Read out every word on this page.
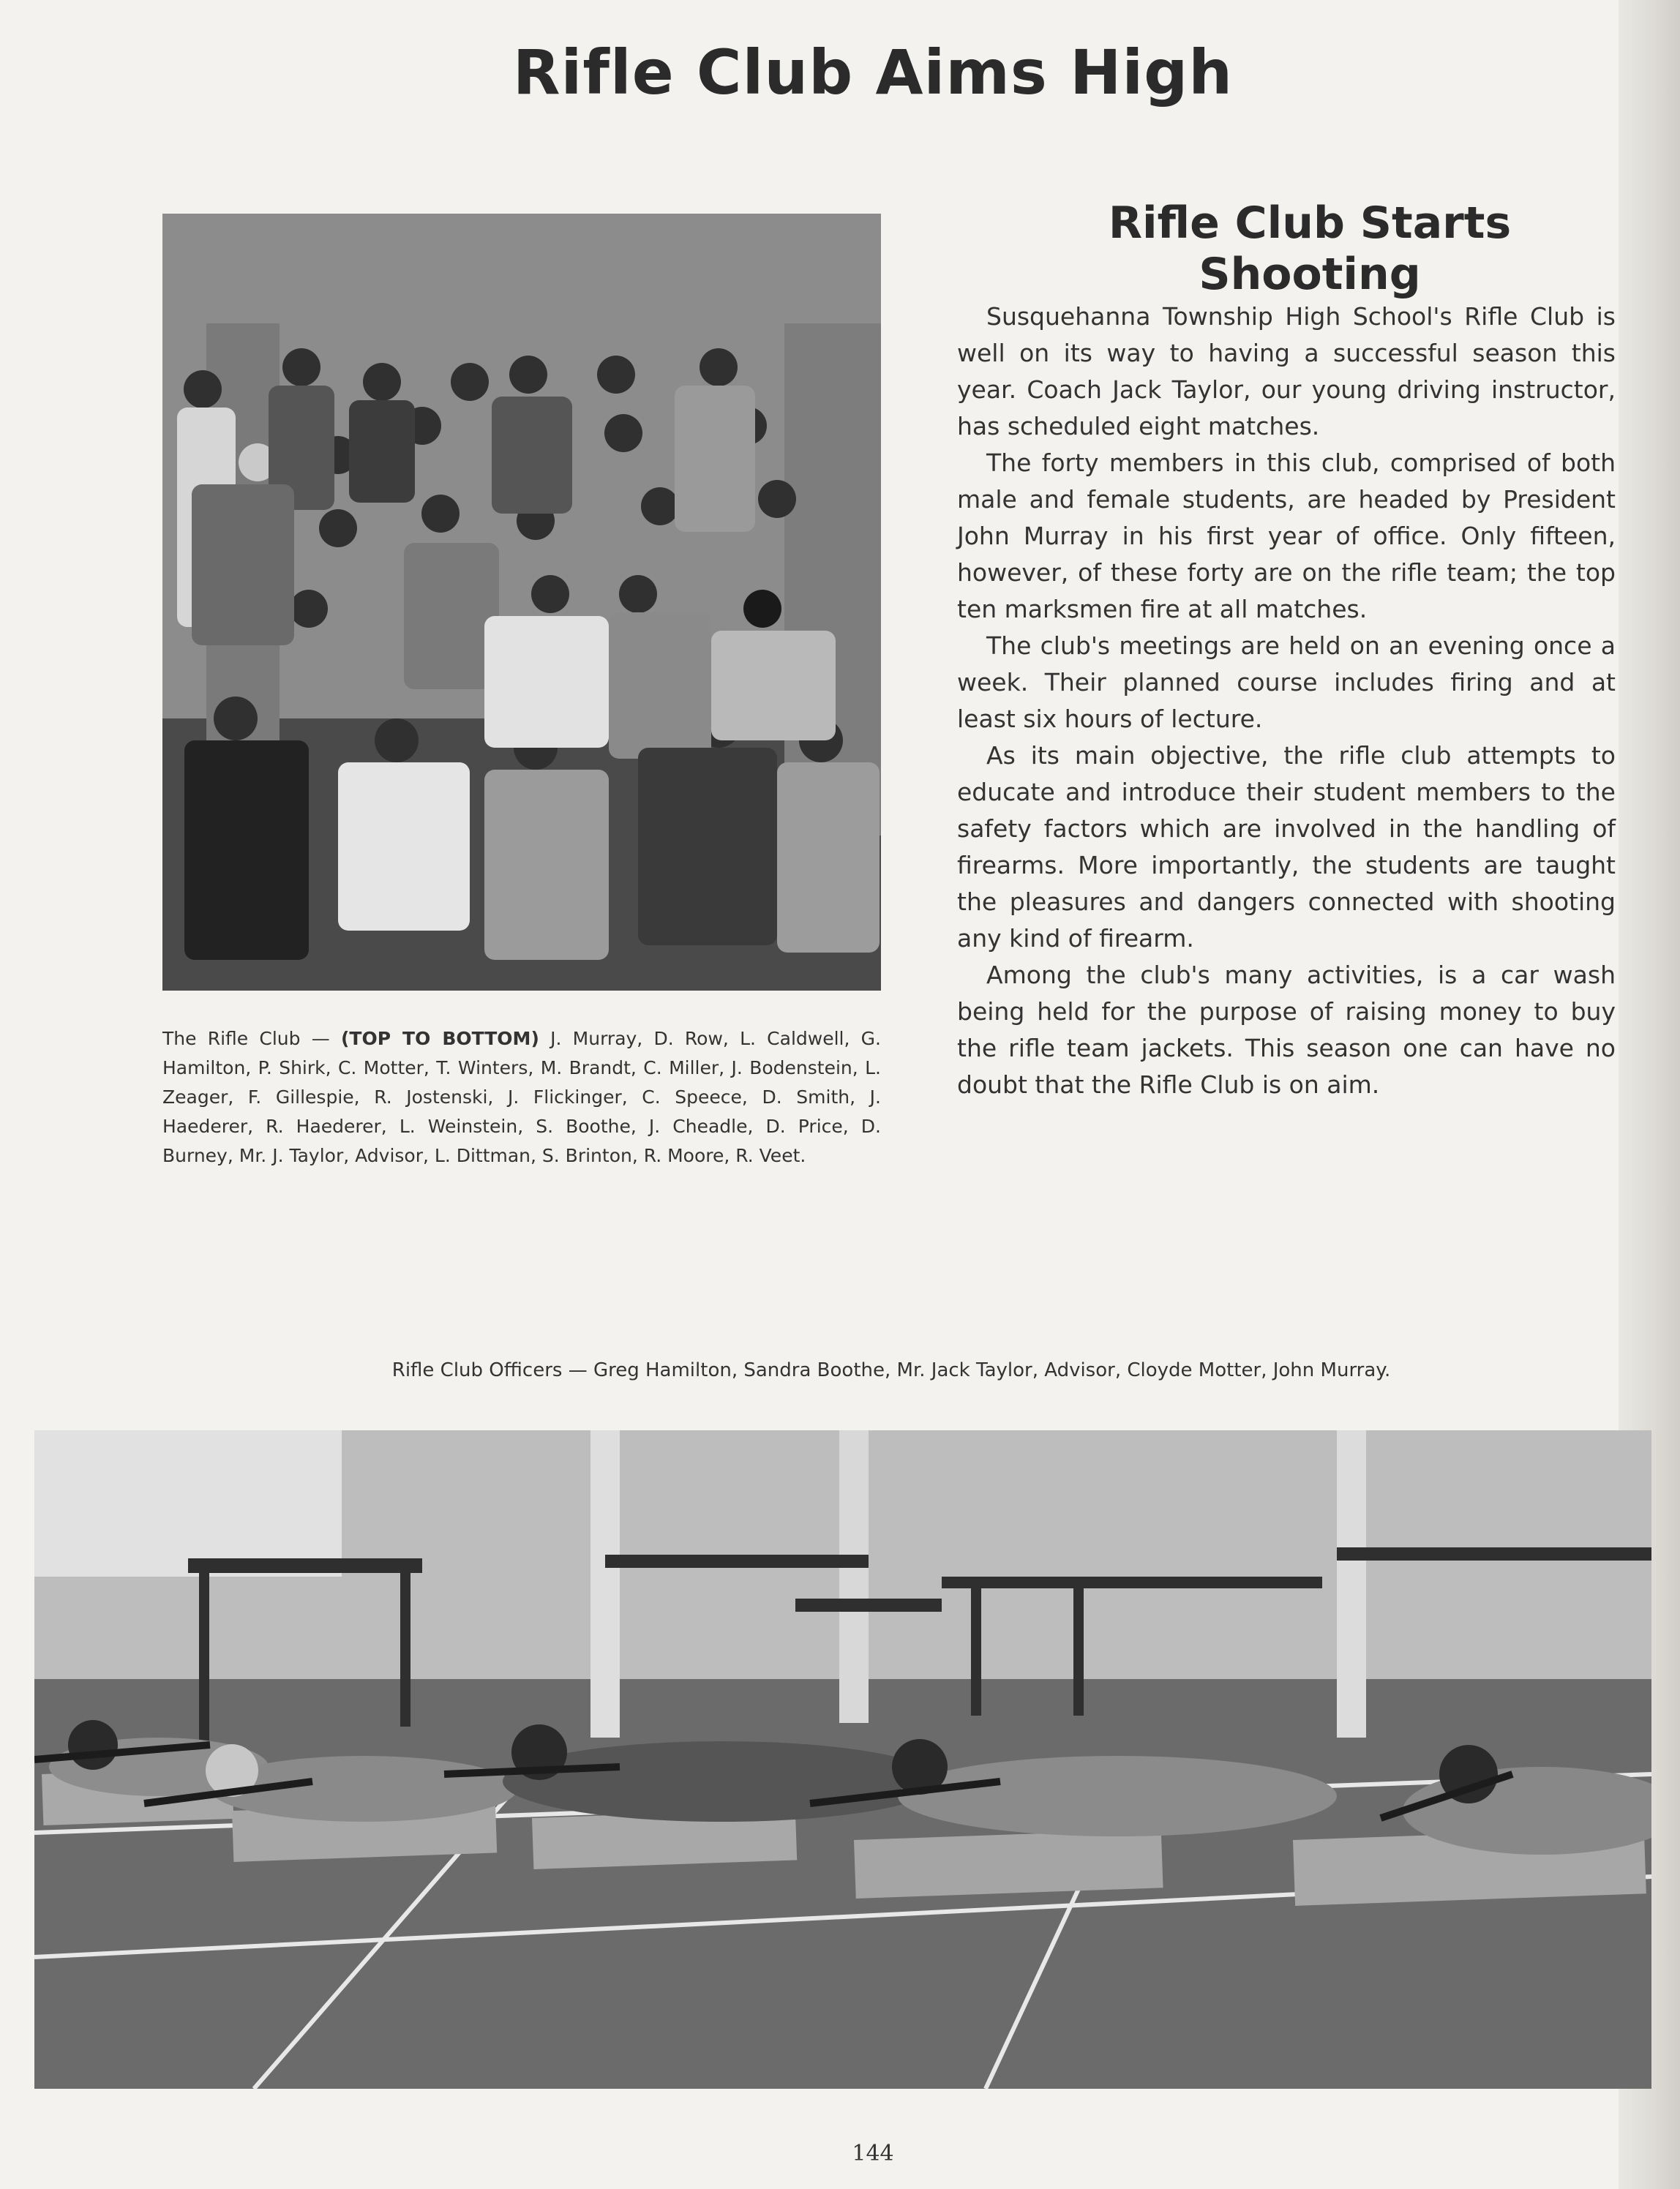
Rifle Club Aims High
The Rifle Club — (TOP TO BOTTOM) J. Murray, D. Row, L. Caldwell, G. Hamilton, P. Shirk, C. Motter, T. Winters, M. Brandt, C. Miller, J. Bodenstein, L. Zeager, F. Gillespie, R. Jostenski, J. Flickinger, C. Speece, D. Smith, J. Haederer, R. Haederer, L. Weinstein, S. Boothe, J. Cheadle, D. Price, D. Burney, Mr. J. Taylor, Advisor, L. Dittman, S. Brinton, R. Moore, R. Veet.
Rifle Club Starts Shooting

Susquehanna Township High School's Rifle Club is well on its way to having a successful season this year. Coach Jack Taylor, our young driving instructor, has scheduled eight matches.

The forty members in this club, comprised of both male and female students, are headed by President John Murray in his first year of office. Only fifteen, however, of these forty are on the rifle team; the top ten marksmen fire at all matches.

The club's meetings are held on an evening once a week. Their planned course includes firing and at least six hours of lecture.

As its main objective, the rifle club attempts to educate and introduce their student members to the safety factors which are involved in the handling of firearms. More importantly, the students are taught the pleasures and dangers connected with shooting any kind of firearm.

Among the club's many activities, is a car wash being held for the purpose of raising money to buy the rifle team jackets. This season one can have no doubt that the Rifle Club is on aim.

Rifle Club Officers — Greg Hamilton, Sandra Boothe, Mr. Jack Taylor, Advisor, Cloyde Motter, John Murray.
144
